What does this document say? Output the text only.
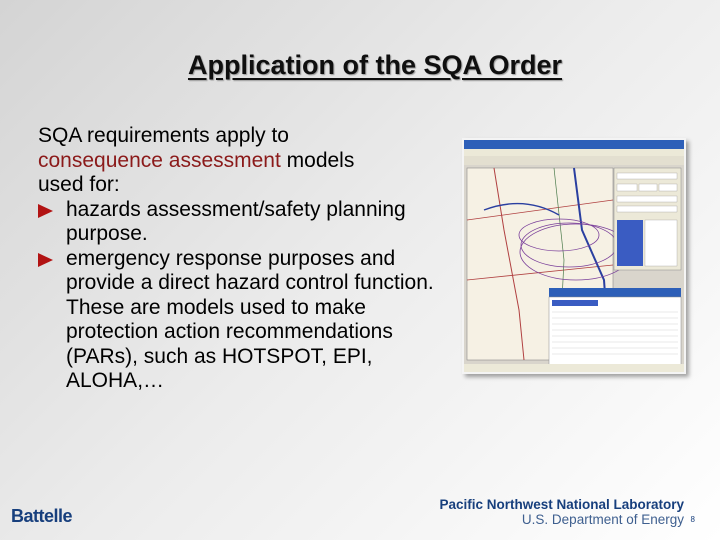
Application of the SQA Order
SQA requirements apply to
consequence assessment models
used for:
hazards assessment/safety planning purpose.
emergency response purposes and provide a direct hazard control function. These are models used to make protection action recommendations (PARs), such as HOTSPOT, EPI, ALOHA,…
Battelle
Pacific Northwest National Laboratory
U.S. Department of Energy 8
